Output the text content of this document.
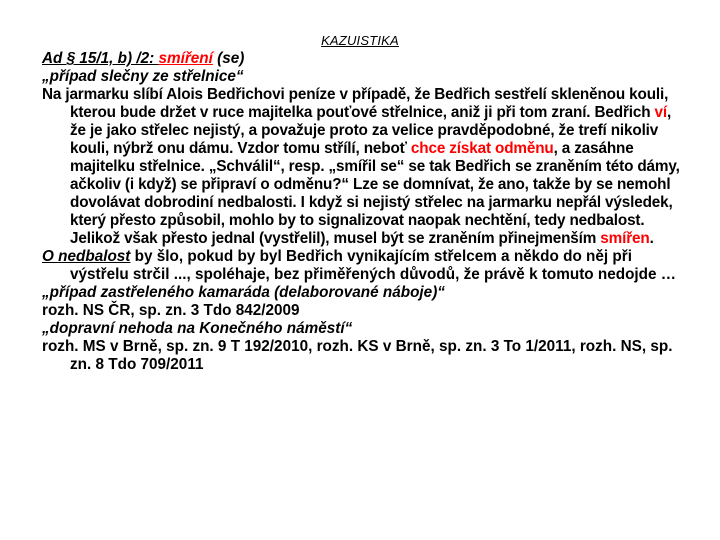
KAZUISTIKA

Ad § 15/1, b) /2: smíření (se)

„případ slečny ze střelnice“

Na jarmarku slíbí Alois Bedřichovi peníze v případě, že Bedřich sestřelí skleněnou kouli, kterou bude držet v ruce majitelka pouťové střelnice, aniž ji při tom zraní. Bedřich ví, že je jako střelec nejistý, a považuje proto za velice pravděpodobné, že trefí nikoliv kouli, nýbrž onu dámu. Vzdor tomu střílí, neboť chce získat odměnu, a zasáhne majitelku střelnice. „Schválil“, resp. „smířil se“ se tak Bedřich se zraněním této dámy, ačkoliv (i když) se připraví o odměnu?“ Lze se domnívat, že ano, takže by se nemohl dovolávat dobrodiní nedbalosti. I když si nejistý střelec na jarmarku nepřál výsledek, který přesto způsobil, mohlo by to signalizovat naopak nechtění, tedy nedbalost. Jelikož však přesto jednal (vystřelil), musel být se zraněním přinejmenším smířen.

O nedbalost by šlo, pokud by byl Bedřich vynikajícím střelcem a někdo do něj při výstřelu strčil ..., spoléhaje, bez přiměřených důvodů, že právě k tomuto nedojde …

„případ zastřeleného kamaráda (delaborované náboje)“

rozh. NS ČR, sp. zn. 3 Tdo 842/2009

„dopravní nehoda na Konečného náměstí“

rozh. MS v Brně, sp. zn. 9 T 192/2010, rozh. KS v Brně, sp. zn. 3 To 1/2011, rozh. NS, sp. zn. 8 Tdo 709/2011
